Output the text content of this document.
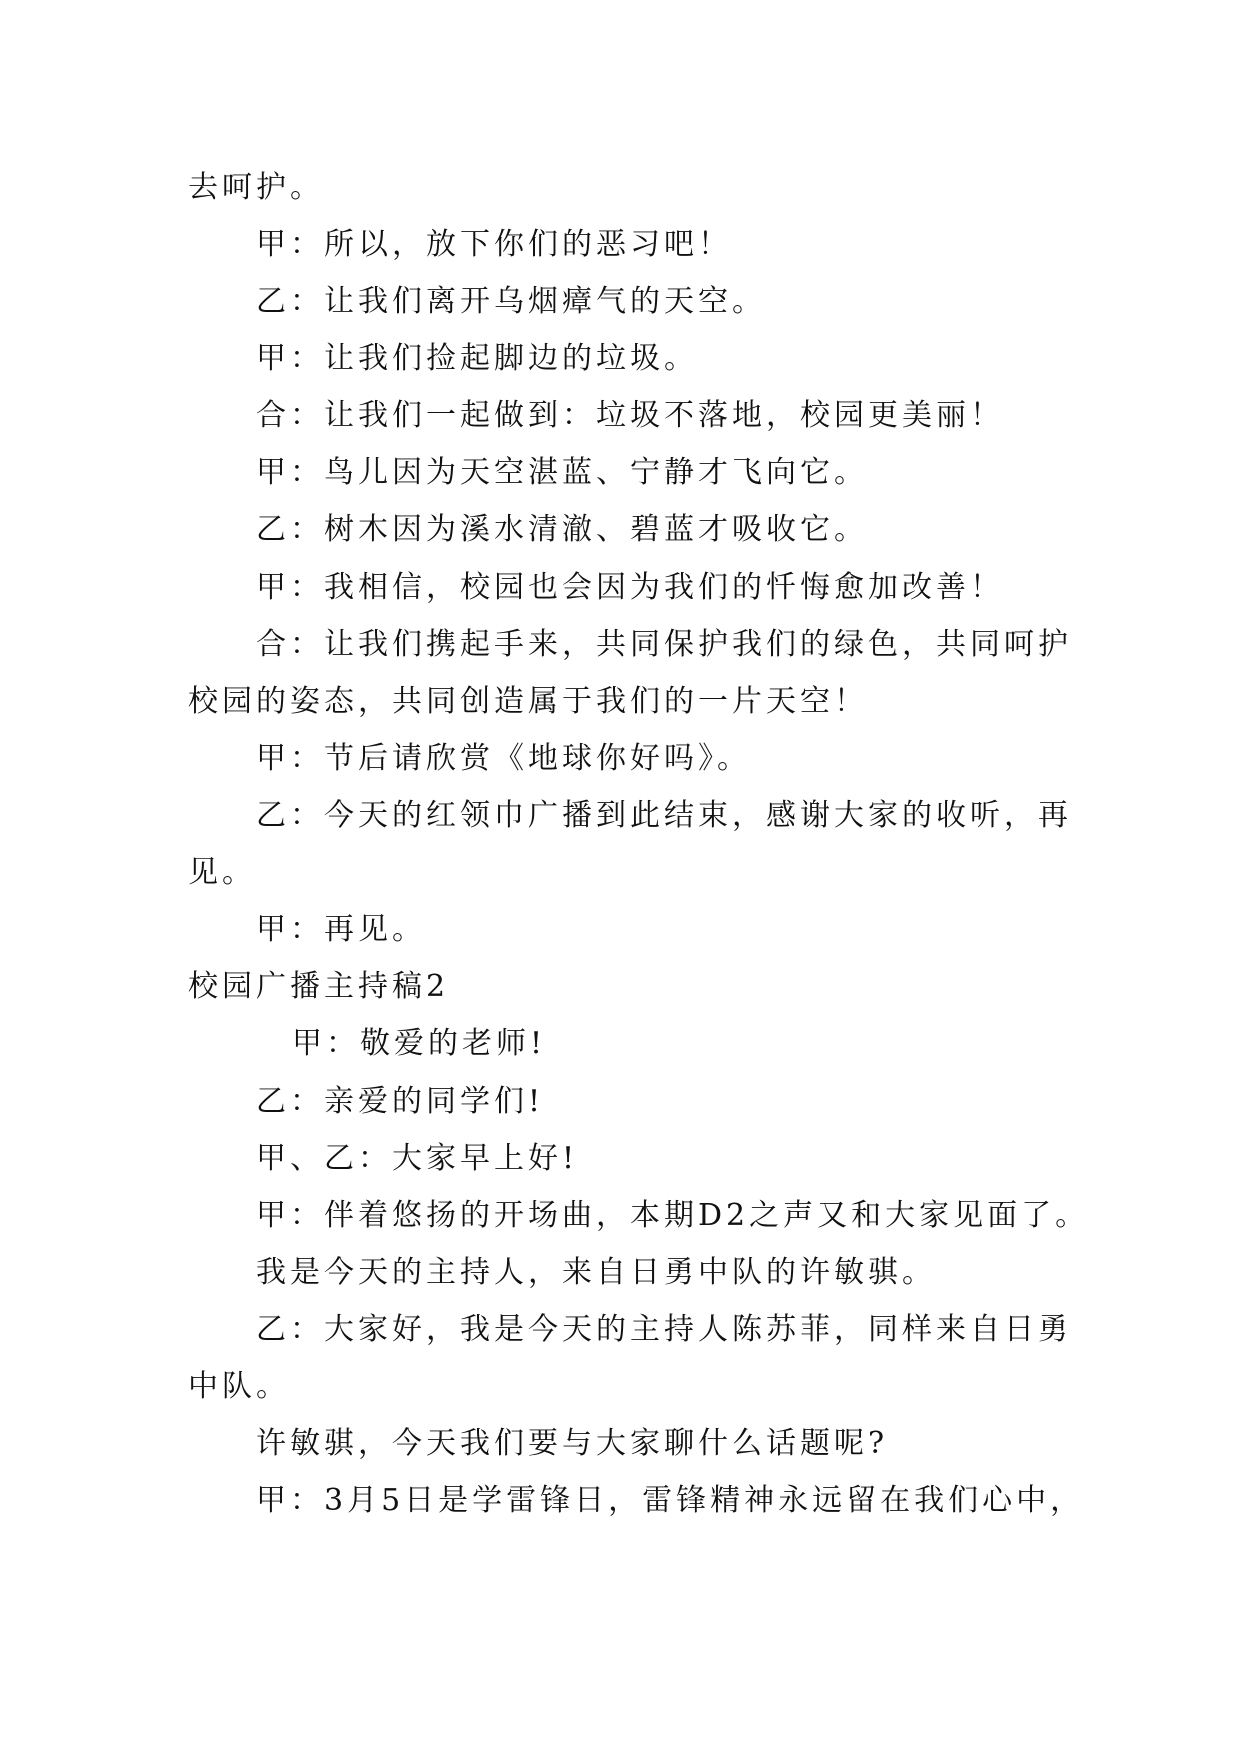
去呵护。
甲：所以，放下你们的恶习吧！
乙：让我们离开乌烟瘴气的天空。
甲：让我们捡起脚边的垃圾。
合：让我们一起做到：垃圾不落地，校园更美丽！
甲：鸟儿因为天空湛蓝、宁静才飞向它。
乙：树木因为溪水清澈、碧蓝才吸收它。
甲：我相信，校园也会因为我们的忏悔愈加改善！
合：让我们携起手来，共同保护我们的绿色，共同呵护
校园的姿态，共同创造属于我们的一片天空！
甲：节后请欣赏《地球你好吗》。
乙：今天的红领巾广播到此结束，感谢大家的收听，再
见。
甲：再见。
校园广播主持稿2
甲：敬爱的老师!
乙：亲爱的同学们!
甲、乙：大家早上好!
甲：伴着悠扬的开场曲，本期D2之声又和大家见面了。
我是今天的主持人，来自日勇中队的许敏骐。
乙：大家好，我是今天的主持人陈苏菲，同样来自日勇
中队。
许敏骐，今天我们要与大家聊什么话题呢?
甲：3月5日是学雷锋日，雷锋精神永远留在我们心中，
